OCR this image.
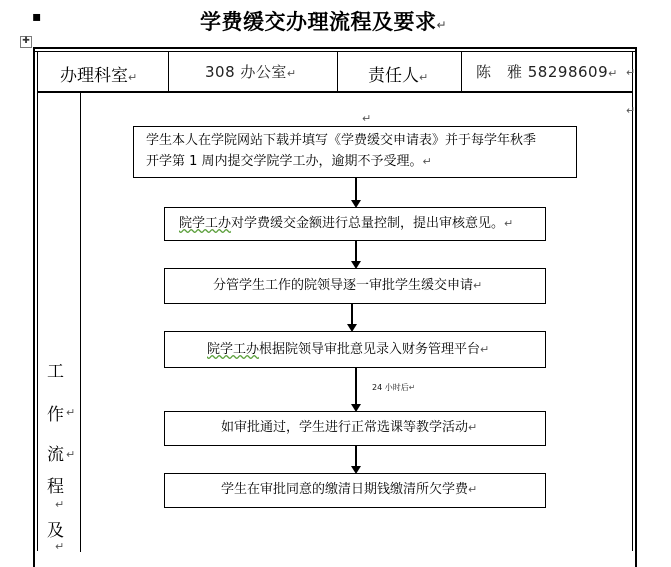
▪	学费缓交办理流程及要求↵
✚
办理科室↵	308 办公室↵	责任人↵	陈　雅 58298609↵ ↵
工
作 ↵
流 ↵
程
↵
及
↵
↵
↵
学生本人在学院网站下载并填写《学费缓交申请表》并于每学年秋季
开学第 1 周内提交学院学工办，逾期不予受理。↵
院学工办对学费缓交金额进行总量控制，提出审核意见。↵
分管学生工作的院领导逐一审批学生缓交申请↵
院学工办根据院领导审批意见录入财务管理平台↵
24 小时后↵
如审批通过，学生进行正常选课等教学活动↵
学生在审批同意的缴清日期钱缴清所欠学费↵
